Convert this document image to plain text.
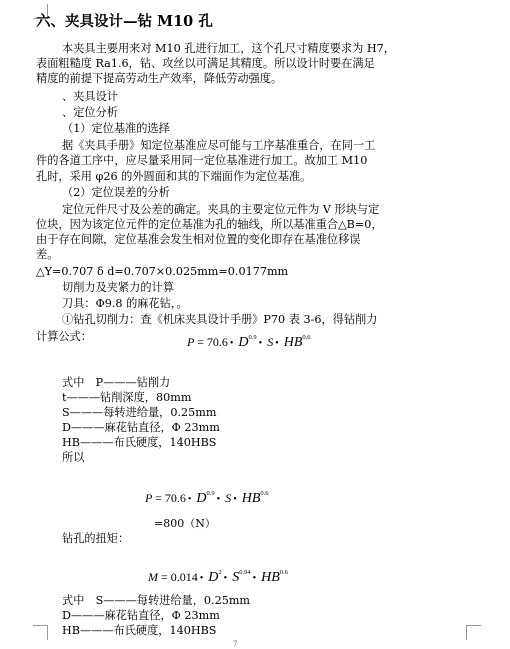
六、夹具设计—钻 M10 孔
本夹具主要用来对 M10 孔进行加工，这个孔尺寸精度要求为 H7，
表面粗糙度 Ra1.6，钻、攻丝以可满足其精度。所以设计时要在满足
精度的前提下提高劳动生产效率，降低劳动强度。
、夹具设计
、定位分析
（1）定位基准的选择
据《夹具手册》知定位基准应尽可能与工序基准重合，在同一工
件的各道工序中，应尽量采用同一定位基准进行加工。故加工 M10
孔时，采用 φ26 的外圆面和其的下端面作为定位基准。
（2）定位误差的分析
定位元件尺寸及公差的确定。夹具的主要定位元件为 V 形块与定
位块，因为该定位元件的定位基准为孔的轴线，所以基准重合△B=0，
由于存在间隙，定位基准会发生相对位置的变化即存在基准位移误
差。
△Y=0.707 δ d=0.707×0.025mm=0.0177mm
切削力及夹紧力的计算
刀具：Φ9.8 的麻花钻，。
①钻孔切削力：查《机床夹具设计手册》P70 表 3-6，得钻削力
计算公式：	P = 70.6 • $D^{0.9}•$ S • $HB^{0.6}$
式中　P———钻削力
t———钻削深度，80mm
S———每转进给量，0.25mm
D———麻花钻直径，Φ 23mm
HB———布氏硬度，140HBS
所以
P = 70.6 • $D^{0.9}•$ S • $HB^{0.6}$
=800（N）
钻孔的扭矩：
M = 0.014 • $D^2•$ $S^{0.94}•$ $HB^{0.6}$
式中　S———每转进给量，0.25mm
D———麻花钻直径，Φ 23mm
HB———布氏硬度，140HBS
7
